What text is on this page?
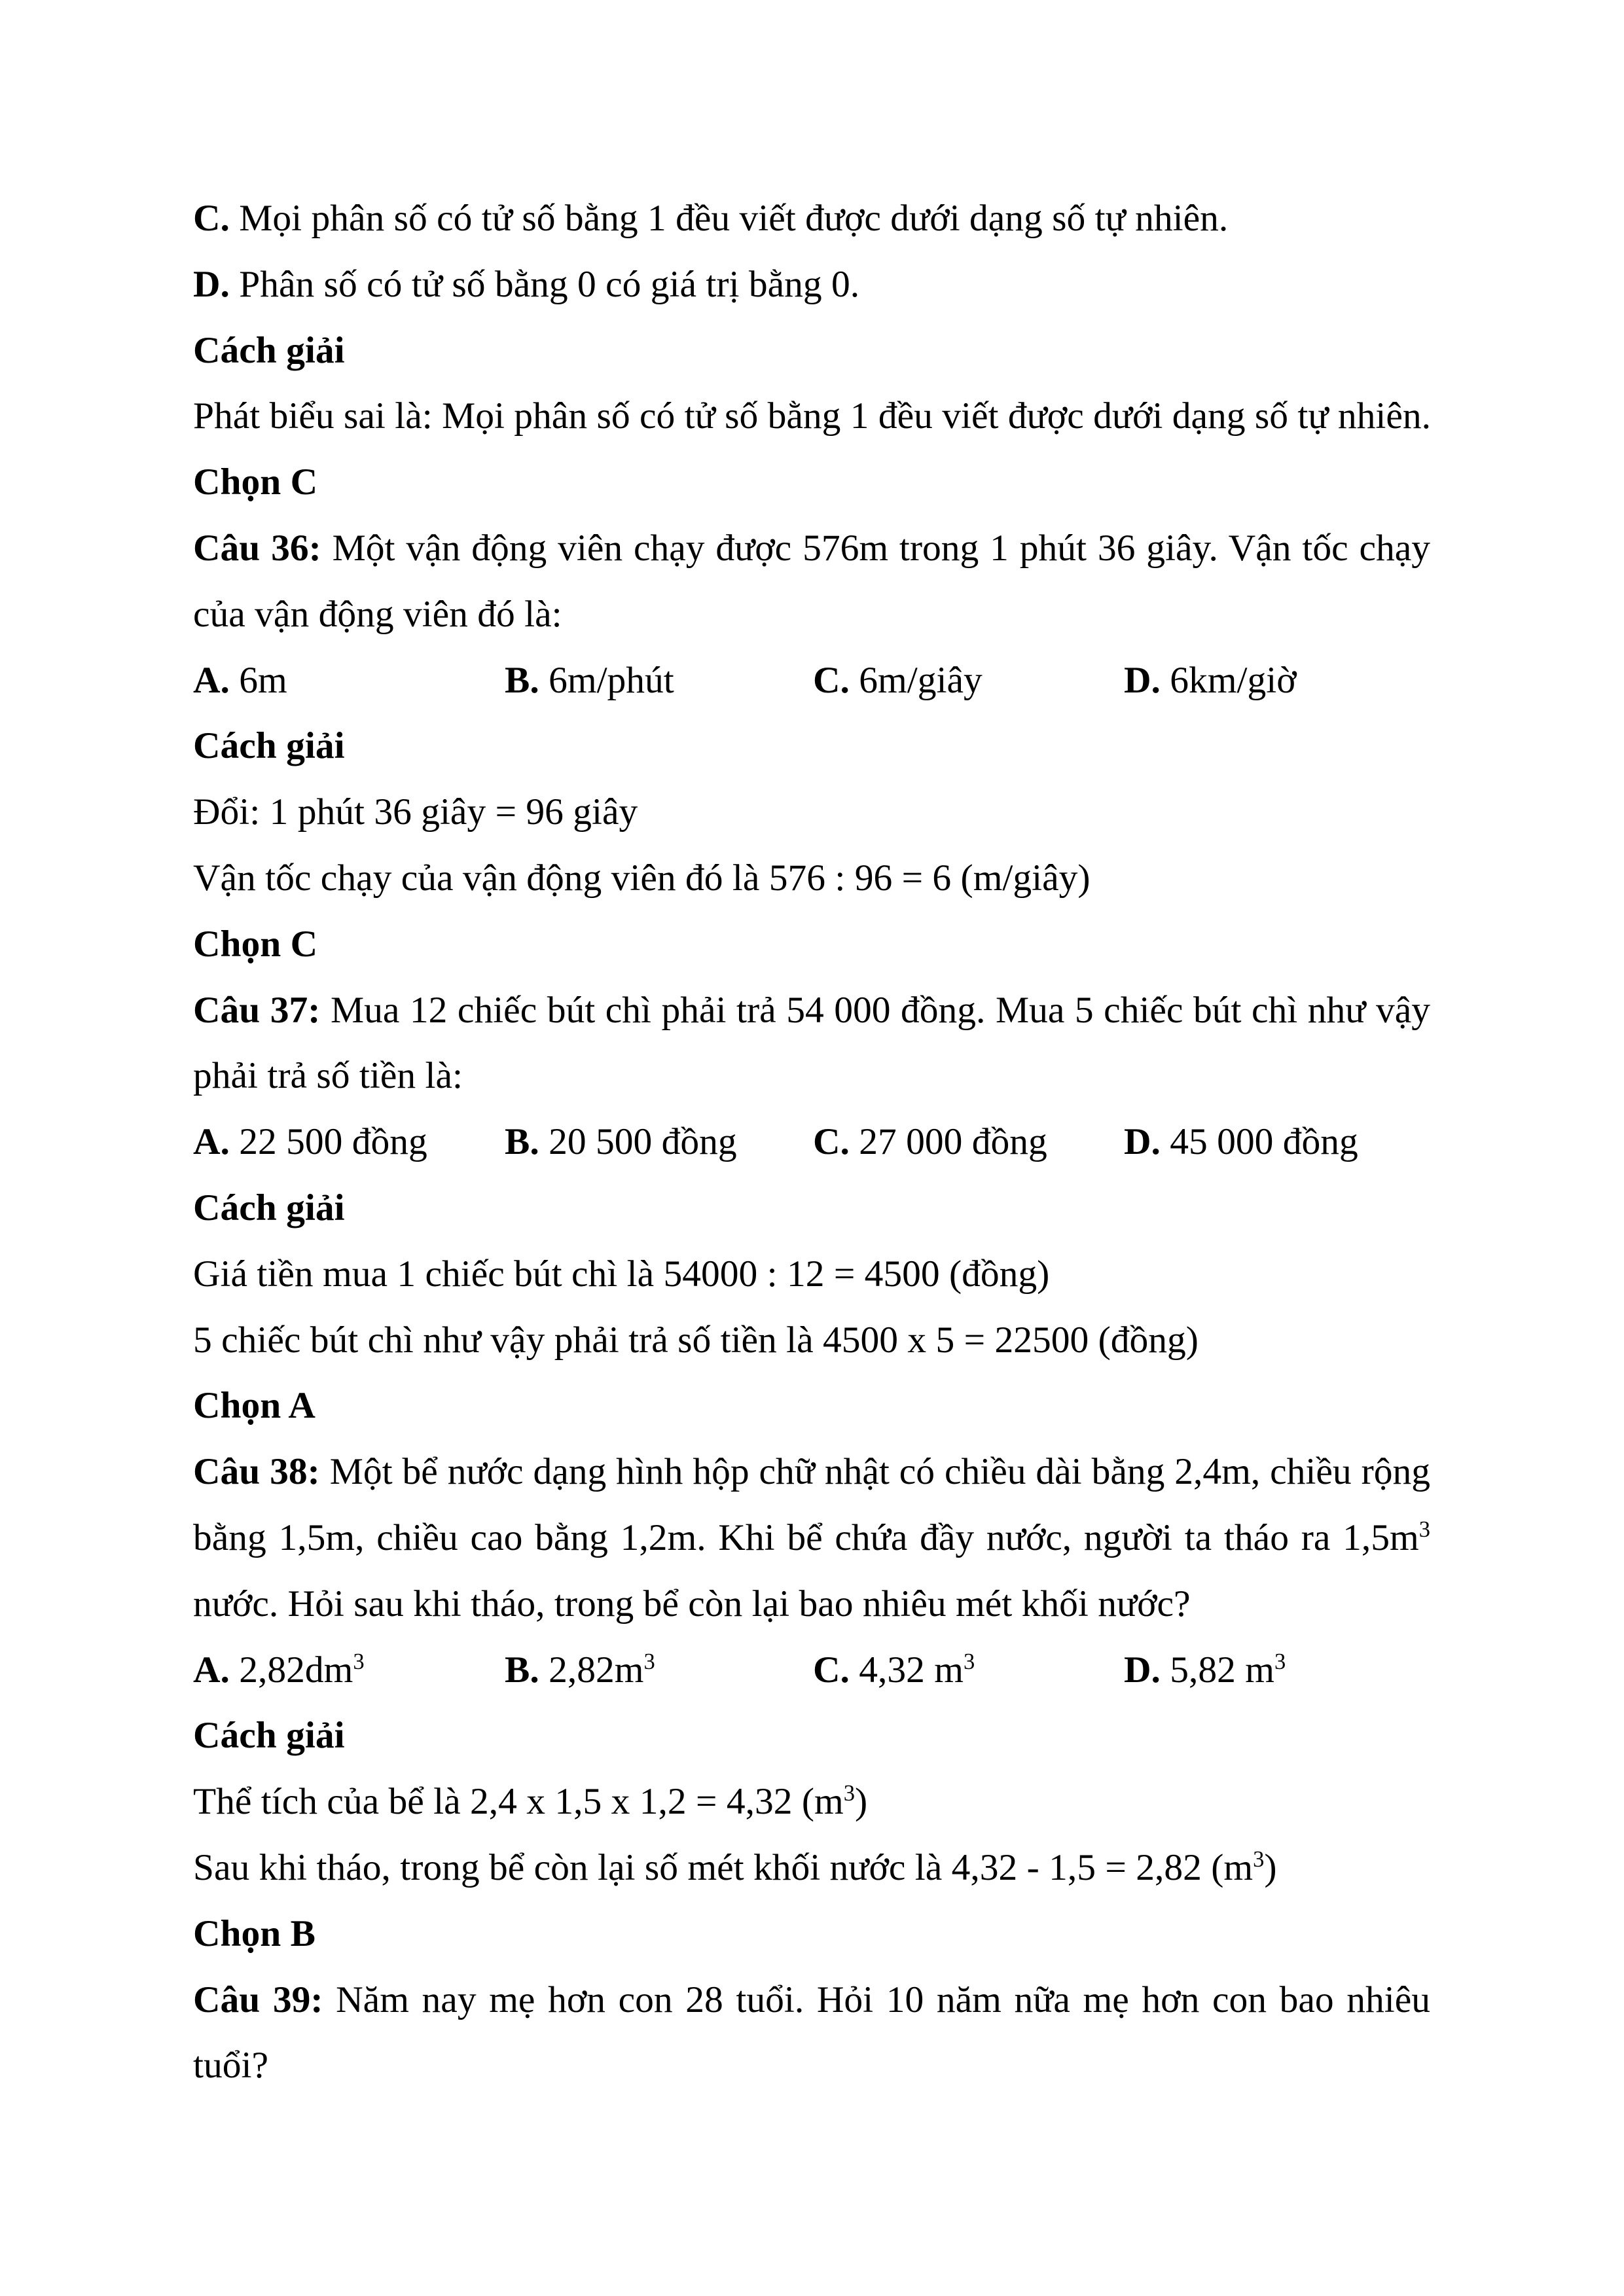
C. Mọi phân số có tử số bằng 1 đều viết được dưới dạng số tự nhiên.
D. Phân số có tử số bằng 0 có giá trị bằng 0.
Cách giải
Phát biểu sai là: Mọi phân số có tử số bằng 1 đều viết được dưới dạng số tự nhiên.
Chọn C
Câu 36: Một vận động viên chạy được 576m trong 1 phút 36 giây. Vận tốc chạy
của vận động viên đó là:
A. 6m	B. 6m/phút	C. 6m/giây	D. 6km/giờ
Cách giải
Đổi: 1 phút 36 giây = 96 giây
Vận tốc chạy của vận động viên đó là 576 : 96 = 6 (m/giây)
Chọn C
Câu 37: Mua 12 chiếc bút chì phải trả 54 000 đồng. Mua 5 chiếc bút chì như vậy
phải trả số tiền là:
A. 22 500 đồng B. 20 500 đồng C. 27 000 đồng D. 45 000 đồng
Cách giải
Giá tiền mua 1 chiếc bút chì là 54000 : 12 = 4500 (đồng)
5 chiếc bút chì như vậy phải trả số tiền là 4500 x 5 = 22500 (đồng)
Chọn A
Câu 38: Một bể nước dạng hình hộp chữ nhật có chiều dài bằng 2,4m, chiều rộng
bằng 1,5m, chiều cao bằng 1,2m. Khi bể chứa đầy nước, người ta tháo ra $1,5m^3$
nước. Hỏi sau khi tháo, trong bể còn lại bao nhiêu mét khối nước?
A. $2,82dm^3$	B. $2,82m^3$	C. 4,32 $m^3$	D. 5,82 $m^3$
Cách giải
Thể tích của bể là 2,4 x 1,5 x 1,2 = 4,32 $(m^3)$
Sau khi tháo, trong bể còn lại số mét khối nước là 4,32 - 1,5 = 2,82 $(m^3)$
Chọn B
Câu 39: Năm nay mẹ hơn con 28 tuổi. Hỏi 10 năm nữa mẹ hơn con bao nhiêu
tuổi?
